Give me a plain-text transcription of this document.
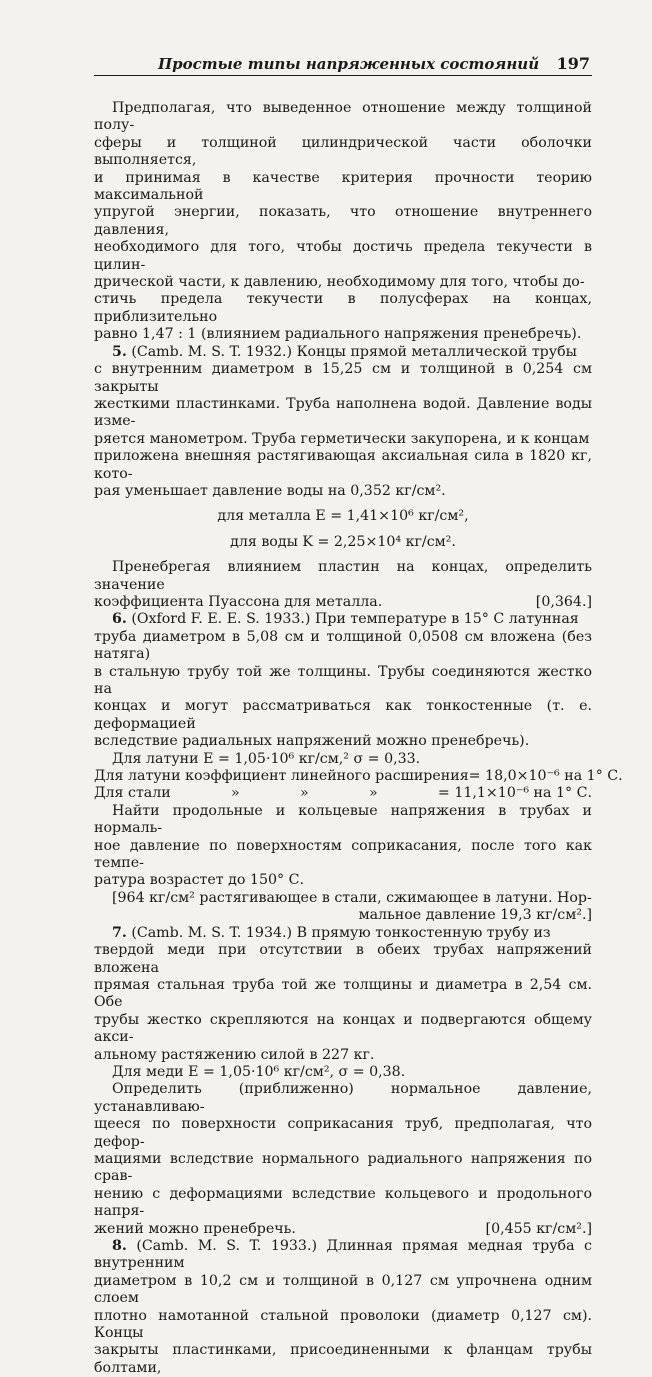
Простые типы напряженных состояний 197

Предполагая, что выведенное отношение между толщиной полу-

сферы и толщиной цилиндрической части оболочки выполняется,

и принимая в качестве критерия прочности теорию максимальной

упругой энергии, показать, что отношение внутреннего давления,

необходимого для того, чтобы достичь предела текучести в цилин-

дрической части, к давлению, необходимому для того, чтобы до-

стичь предела текучести в полусферах на концах, приблизительно

равно 1,47 : 1 (влиянием радиального напряжения пренебречь).

5. (Camb. M. S. T. 1932.) Концы прямой металлической трубы

с внутренним диаметром в 15,25 см и толщиной в 0,254 см закрыты

жесткими пластинками. Труба наполнена водой. Давление воды изме-

ряется манометром. Труба герметически закупорена, и к концам

приложена внешняя растягивающая аксиальная сила в 1820 кг, кото-

рая уменьшает давление воды на 0,352 кг/см².

для металла E = 1,41×10⁶ кг/см²,

для воды K = 2,25×10⁴ кг/см².

Пренебрегая влиянием пластин на концах, определить значение

коэффициента Пуассона для металла.	[0,364.]

6. (Oxford F. E. E. S. 1933.) При температуре в 15° С латунная

труба диаметром в 5,08 см и толщиной 0,0508 см вложена (без натяга)

в стальную трубу той же толщины. Трубы соединяются жестко на

концах и могут рассматриваться как тонкостенные (т. е. деформацией

вследствие радиальных напряжений можно пренебречь).

Для латуни E = 1,05·10⁶ кг/см,² σ = 0,33.

Для латуни коэффициент линейного расширения = 18,0×10⁻⁶ на 1° С.

Для стали	»	»	»	= 11,1×10⁻⁶ на 1° С.

Найти продольные и кольцевые напряжения в трубах и нормаль-

ное давление по поверхностям соприкасания, после того как темпе-

ратура возрастет до 150° С.

[964 кг/см² растягивающее в стали, сжимающее в латуни. Нор-

мальное давление 19,3 кг/см².]

7. (Camb. M. S. T. 1934.) В прямую тонкостенную трубу из

твердой меди при отсутствии в обеих трубах напряжений вложена

прямая стальная труба той же толщины и диаметра в 2,54 см. Обе

трубы жестко скрепляются на концах и подвергаются общему акси-

альному растяжению силой в 227 кг.

Для меди E = 1,05·10⁶ кг/см², σ = 0,38.

Определить (приближенно) нормальное давление, устанавливаю-

щееся по поверхности соприкасания труб, предполагая, что дефор-

мациями вследствие нормального радиального напряжения по срав-

нению с деформациями вследствие кольцевого и продольного напря-

жений можно пренебречь.	[0,455 кг/см².]

8. (Camb. M. S. T. 1933.) Длинная прямая медная труба с внутренним

диаметром в 10,2 см и толщиной в 0,127 см упрочнена одним слоем

плотно намотанной стальной проволоки (диаметр 0,127 см). Концы

закрыты пластинками, присоединенными к фланцам трубы болтами,
